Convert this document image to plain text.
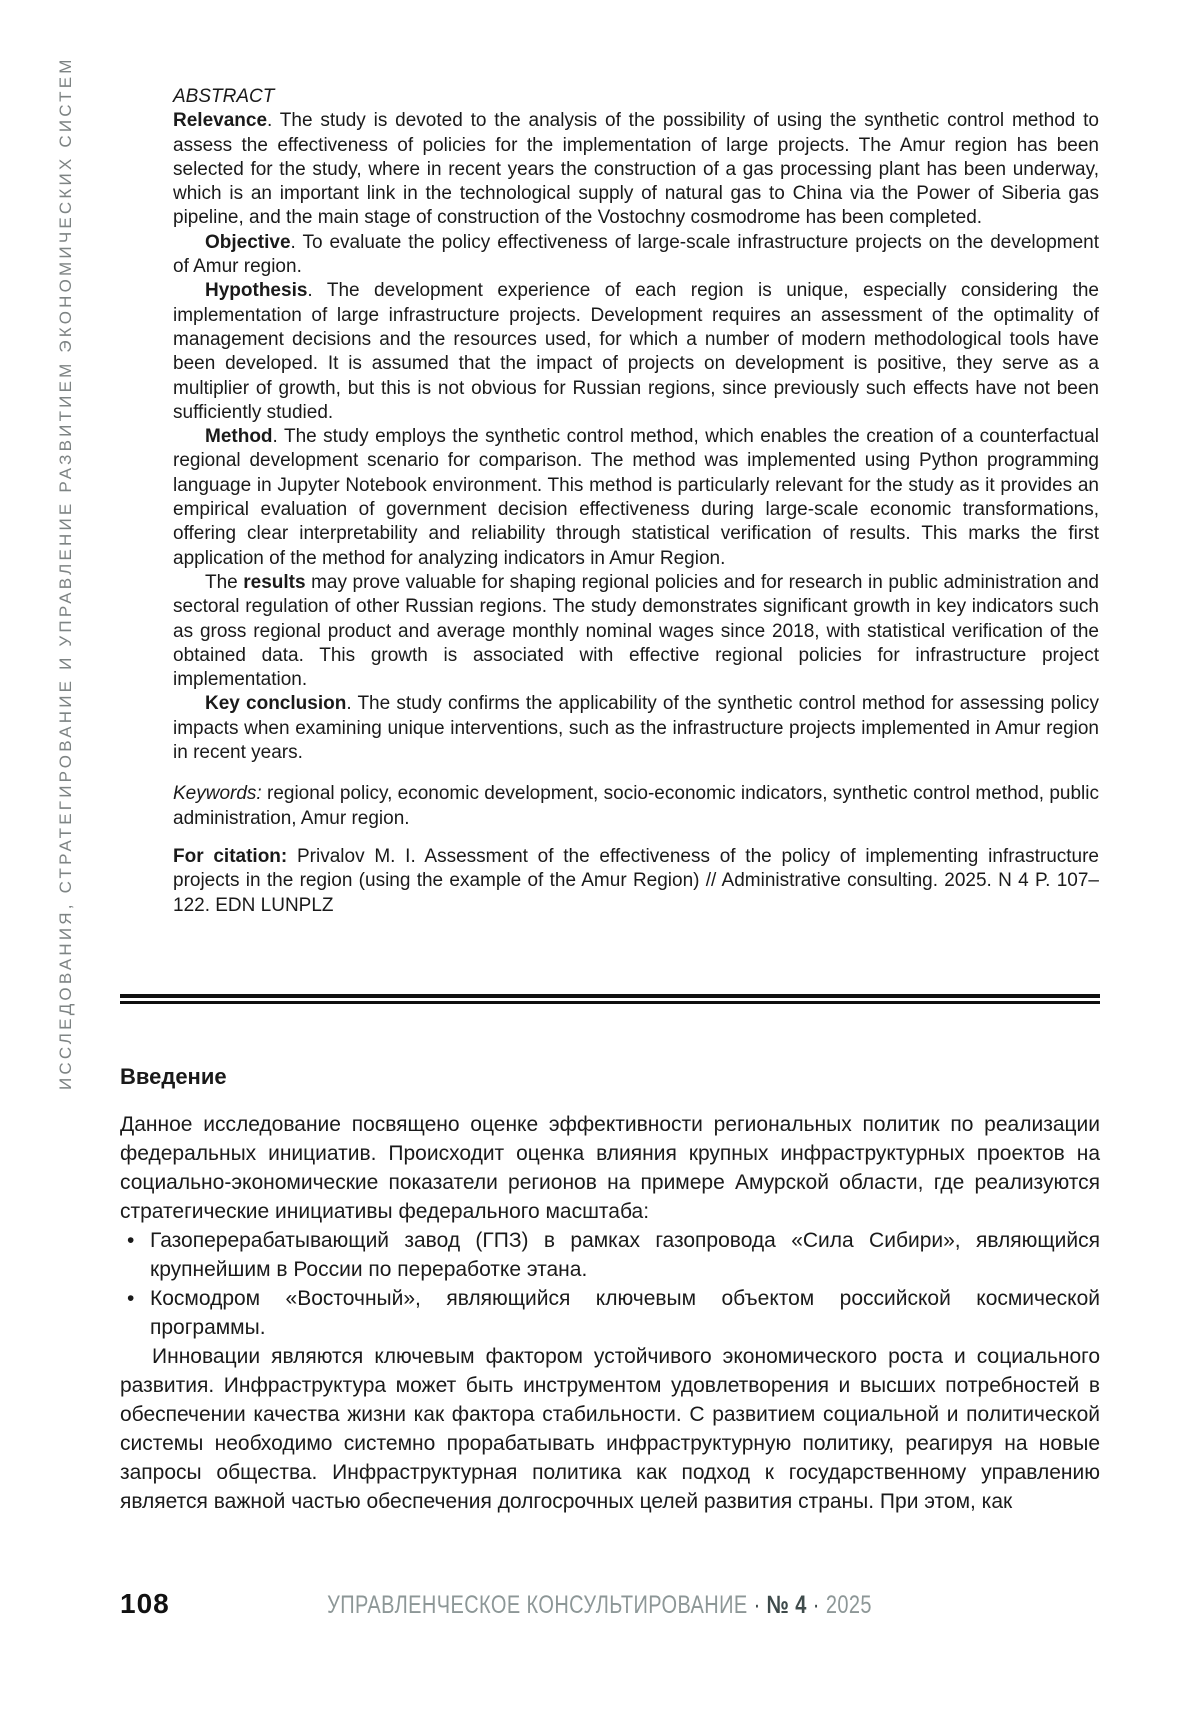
ИССЛЕДОВАНИЯ, СТРАТЕГИРОВАНИЕ И УПРАВЛЕНИЕ РАЗВИТИЕМ ЭКОНОМИЧЕСКИХ СИСТЕМ	ABSTRACT

Relevance. The study is devoted to the analysis of the possibility of using the synthetic control method to assess the effectiveness of policies for the implementation of large projects. The Amur region has been selected for the study, where in recent years the construction of a gas processing plant has been underway, which is an important link in the technological supply of natural gas to China via the Power of Siberia gas pipeline, and the main stage of construction of the Vostochny cosmodrome has been completed.

Objective. To evaluate the policy effectiveness of large-scale infrastructure projects on the development of Amur region.

Hypothesis. The development experience of each region is unique, especially considering the implementation of large infrastructure projects. Development requires an assessment of the optimality of management decisions and the resources used, for which a number of modern methodological tools have been developed. It is assumed that the impact of projects on development is positive, they serve as a multiplier of growth, but this is not obvious for Russian regions, since previously such effects have not been sufficiently studied.

Method. The study employs the synthetic control method, which enables the creation of a counterfactual regional development scenario for comparison. The method was implemented using Python programming language in Jupyter Notebook environment. This method is particularly relevant for the study as it provides an empirical evaluation of government decision effectiveness during large-scale economic transformations, offering clear interpretability and reliability through statistical verification of results. This marks the first application of the method for analyzing indicators in Amur Region.

The results may prove valuable for shaping regional policies and for research in public administration and sectoral regulation of other Russian regions. The study demonstrates significant growth in key indicators such as gross regional product and average monthly nominal wages since 2018, with statistical verification of the obtained data. This growth is associated with effective regional policies for infrastructure project implementation.

Key conclusion. The study confirms the applicability of the synthetic control method for assessing policy impacts when examining unique interventions, such as the infrastructure projects implemented in Amur region in recent years.

Keywords: regional policy, economic development, socio-economic indicators, synthetic control method, public administration, Amur region.

For citation: Privalov M. I. Assessment of the effectiveness of the policy of implementing infrastructure projects in the region (using the example of the Amur Region) // Administrative consulting. 2025. N 4 P. 107–122. EDN LUNPLZ

Введение

Данное исследование посвящено оценке эффективности региональных политик по реализации федеральных инициатив. Происходит оценка влияния крупных инфраструктурных проектов на социально-экономические показатели регионов на примере Амурской области, где реализуются стратегические инициативы федерального масштаба:

• Газоперерабатывающий завод (ГПЗ) в рамках газопровода «Сила Сибири», являющийся крупнейшим в России по переработке этана.
• Космодром «Восточный», являющийся ключевым объектом российской космической программы.

Инновации являются ключевым фактором устойчивого экономического роста и социального развития. Инфраструктура может быть инструментом удовлетворения и высших потребностей в обеспечении качества жизни как фактора стабильности. С развитием социальной и политической системы необходимо системно прорабатывать инфраструктурную политику, реагируя на новые запросы общества. Инфраструктурная политика как подход к государственному управлению является важной частью обеспечения долгосрочных целей развития страны. При этом, как

108	УПРАВЛЕНЧЕСКОЕ КОНСУЛЬТИРОВАНИЕ · № 4 · 2025
